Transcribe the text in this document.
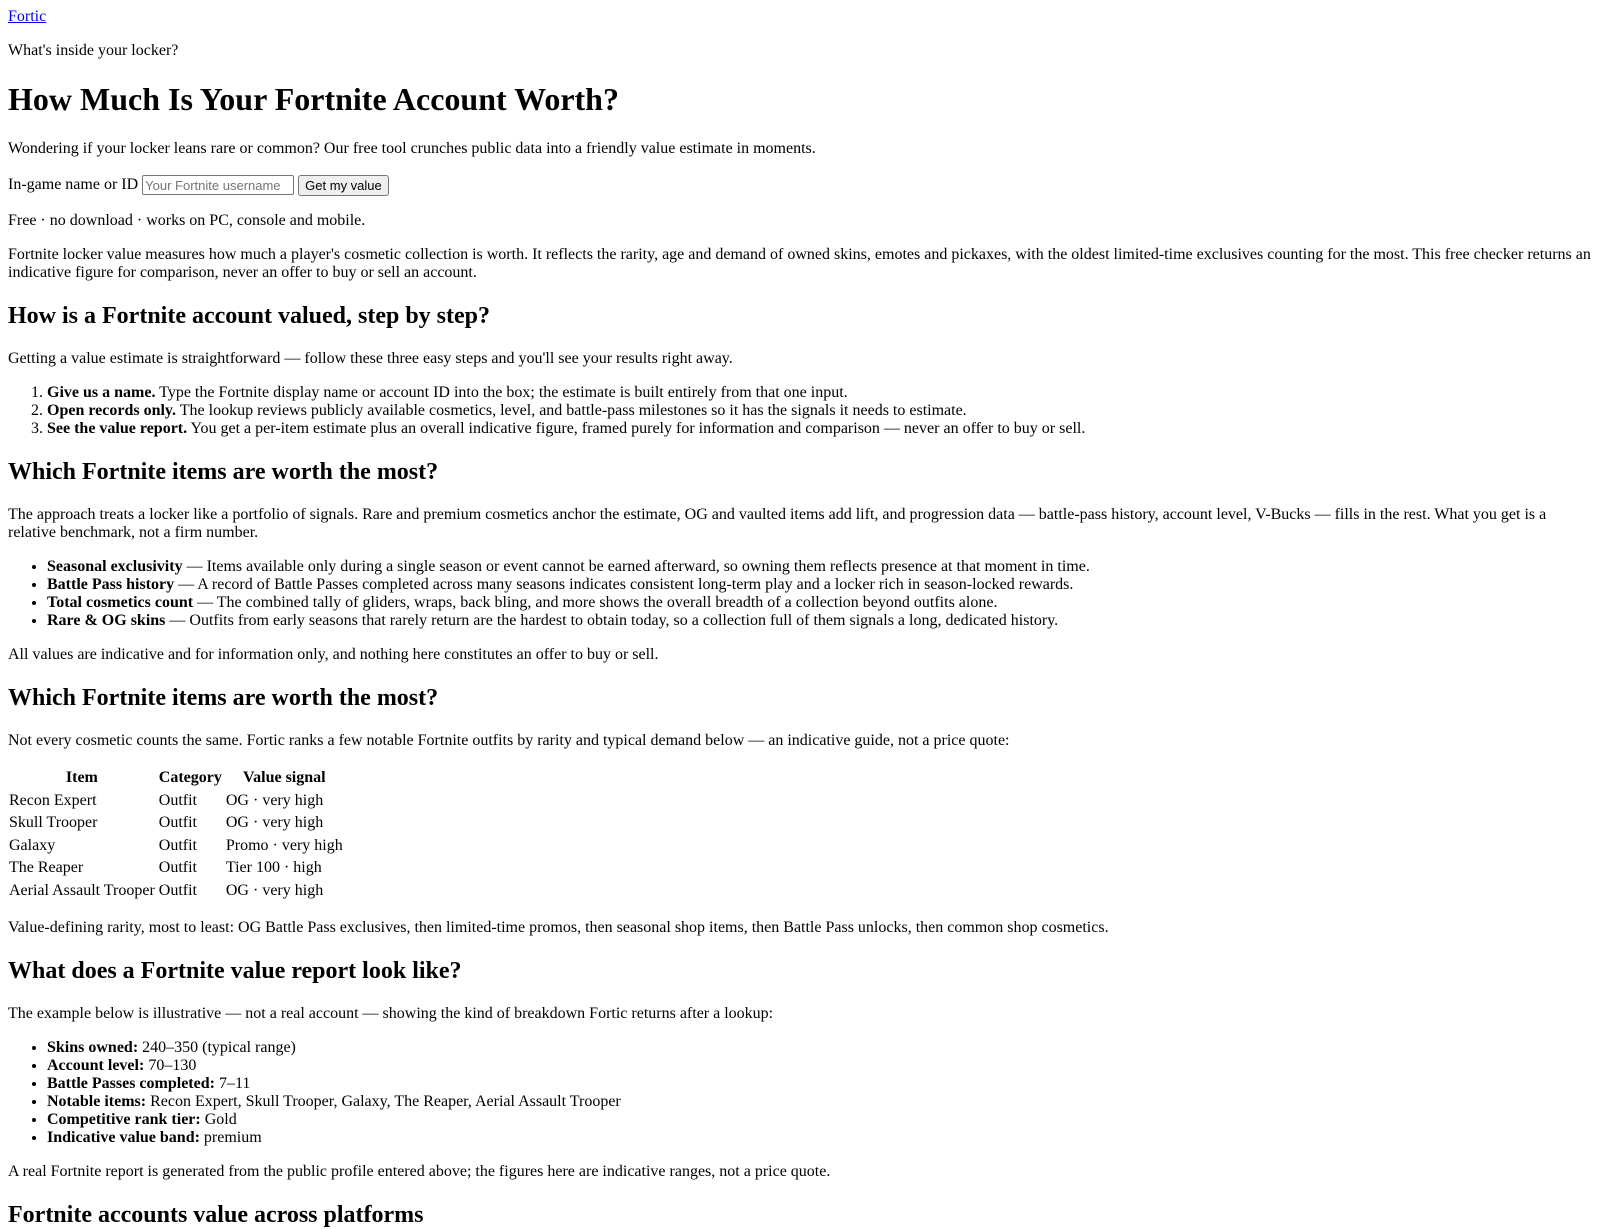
Fortic

What's inside your locker?

How Much Is Your Fortnite Account Worth?

Wondering if your locker leans rare or common? Our free tool crunches public data into a friendly value estimate in moments.

In-game name or ID
Your Fortnite username	Get my value

Free · no download · works on PC, console and mobile.

Fortnite locker value measures how much a player's cosmetic collection is worth. It reflects the rarity, age and demand of owned skins, emotes and pickaxes, with the oldest limited-time exclusives counting for the most. This free checker returns an indicative figure for comparison, never an offer to buy or sell an account.

How is a Fortnite account valued, step by step?

Getting a value estimate is straightforward — follow these three easy steps and you'll see your results right away.

1. Give us a name. Type the Fortnite display name or account ID into the box; the estimate is built entirely from that one input.
2. Open records only. The lookup reviews publicly available cosmetics, level, and battle-pass milestones so it has the signals it needs to estimate.
3. See the value report. You get a per-item estimate plus an overall indicative figure, framed purely for information and comparison — never an offer to buy or sell.
Which Fortnite items are worth the most?

The approach treats a locker like a portfolio of signals. Rare and premium cosmetics anchor the estimate, OG and vaulted items add lift, and progression data — battle-pass history, account level, V-Bucks — fills in the rest. What you get is a relative benchmark, not a firm number.

• Seasonal exclusivity — Items available only during a single season or event cannot be earned afterward, so owning them reflects presence at that moment in time.
• Battle Pass history — A record of Battle Passes completed across many seasons indicates consistent long-term play and a locker rich in season-locked rewards.
• Total cosmetics count — The combined tally of gliders, wraps, back bling, and more shows the overall breadth of a collection beyond outfits alone.
• Rare & OG skins — Outfits from early seasons that rarely return are the hardest to obtain today, so a collection full of them signals a long, dedicated history.

All values are indicative and for information only, and nothing here constitutes an offer to buy or sell.

Which Fortnite items are worth the most?

Not every cosmetic counts the same. Fortic ranks a few notable Fortnite outfits by rarity and typical demand below — an indicative guide, not a price quote:

Item	Category	Value signal
Recon Expert	Outfit	OG · very high
Skull Trooper	Outfit	OG · very high
Galaxy	Outfit	Promo · very high
The Reaper	Outfit	Tier 100 · high
Aerial Assault Trooper	Outfit	OG · very high

Value-defining rarity, most to least: OG Battle Pass exclusives, then limited-time promos, then seasonal shop items, then Battle Pass unlocks, then common shop cosmetics.

What does a Fortnite value report look like?

The example below is illustrative — not a real account — showing the kind of breakdown Fortic returns after a lookup:

• Skins owned: 240–350 (typical range)
• Account level: 70–130
• Battle Passes completed: 7–11
• Notable items: Recon Expert, Skull Trooper, Galaxy, The Reaper, Aerial Assault Trooper
• Competitive rank tier: Gold
• Indicative value band: premium

A real Fortnite report is generated from the public profile entered above; the figures here are indicative ranges, not a price quote.

Fortnite accounts value across platforms
